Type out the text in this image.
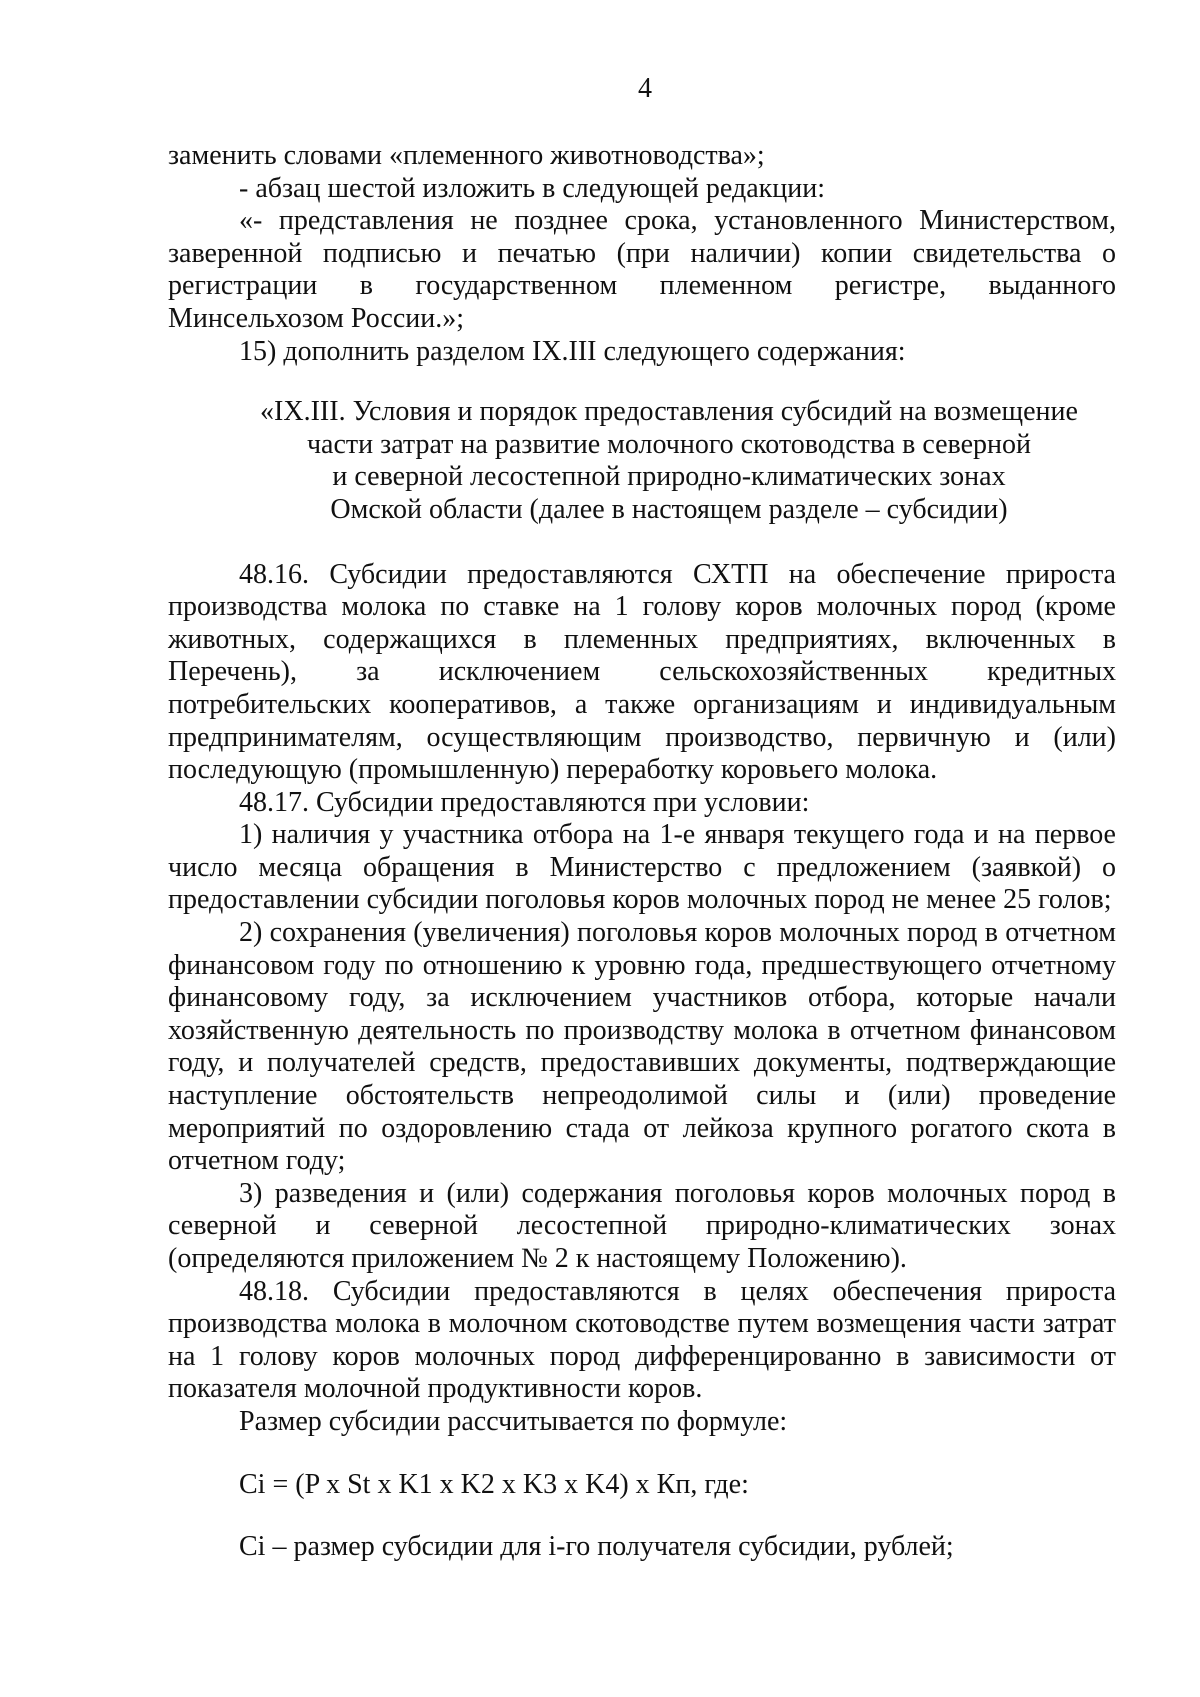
4

заменить словами «племенного животноводства»;

- абзац шестой изложить в следующей редакции:

«- представления не позднее срока, установленного Министерством, заверенной подписью и печатью (при наличии) копии свидетельства о регистрации в государственном племенном регистре, выданного Минсельхозом России.»;

15) дополнить разделом IX.III следующего содержания:

«IX.III. Условия и порядок предоставления субсидий на возмещение
части затрат на развитие молочного скотоводства в северной
и северной лесостепной природно-климатических зонах
Омской области (далее в настоящем разделе – субсидии)

48.16. Субсидии предоставляются СХТП на обеспечение прироста производства молока по ставке на 1 голову коров молочных пород (кроме животных, содержащихся в племенных предприятиях, включенных в Перечень), за исключением сельскохозяйственных кредитных потребительских кооперативов, а также организациям и индивидуальным предпринимателям, осуществляющим производство, первичную и (или) последующую (промышленную) переработку коровьего молока.

48.17. Субсидии предоставляются при условии:

1) наличия у участника отбора на 1-е января текущего года и на первое число месяца обращения в Министерство с предложением (заявкой) о предоставлении субсидии поголовья коров молочных пород не менее 25 голов;

2) сохранения (увеличения) поголовья коров молочных пород в отчетном финансовом году по отношению к уровню года, предшествующего отчетному финансовому году, за исключением участников отбора, которые начали хозяйственную деятельность по производству молока в отчетном финансовом году, и получателей средств, предоставивших документы, подтверждающие наступление обстоятельств непреодолимой силы и (или) проведение мероприятий по оздоровлению стада от лейкоза крупного рогатого скота в отчетном году;

3) разведения и (или) содержания поголовья коров молочных пород в северной и северной лесостепной природно-климатических зонах (определяются приложением № 2 к настоящему Положению).

48.18. Субсидии предоставляются в целях обеспечения прироста производства молока в молочном скотоводстве путем возмещения части затрат на 1 голову коров молочных пород дифференцированно в зависимости от показателя молочной продуктивности коров.

Размер субсидии рассчитывается по формуле:

Ci = (P x St x K1 x K2 x K3 x K4) x Кп, где:

Ci – размер субсидии для i-го получателя субсидии, рублей;
